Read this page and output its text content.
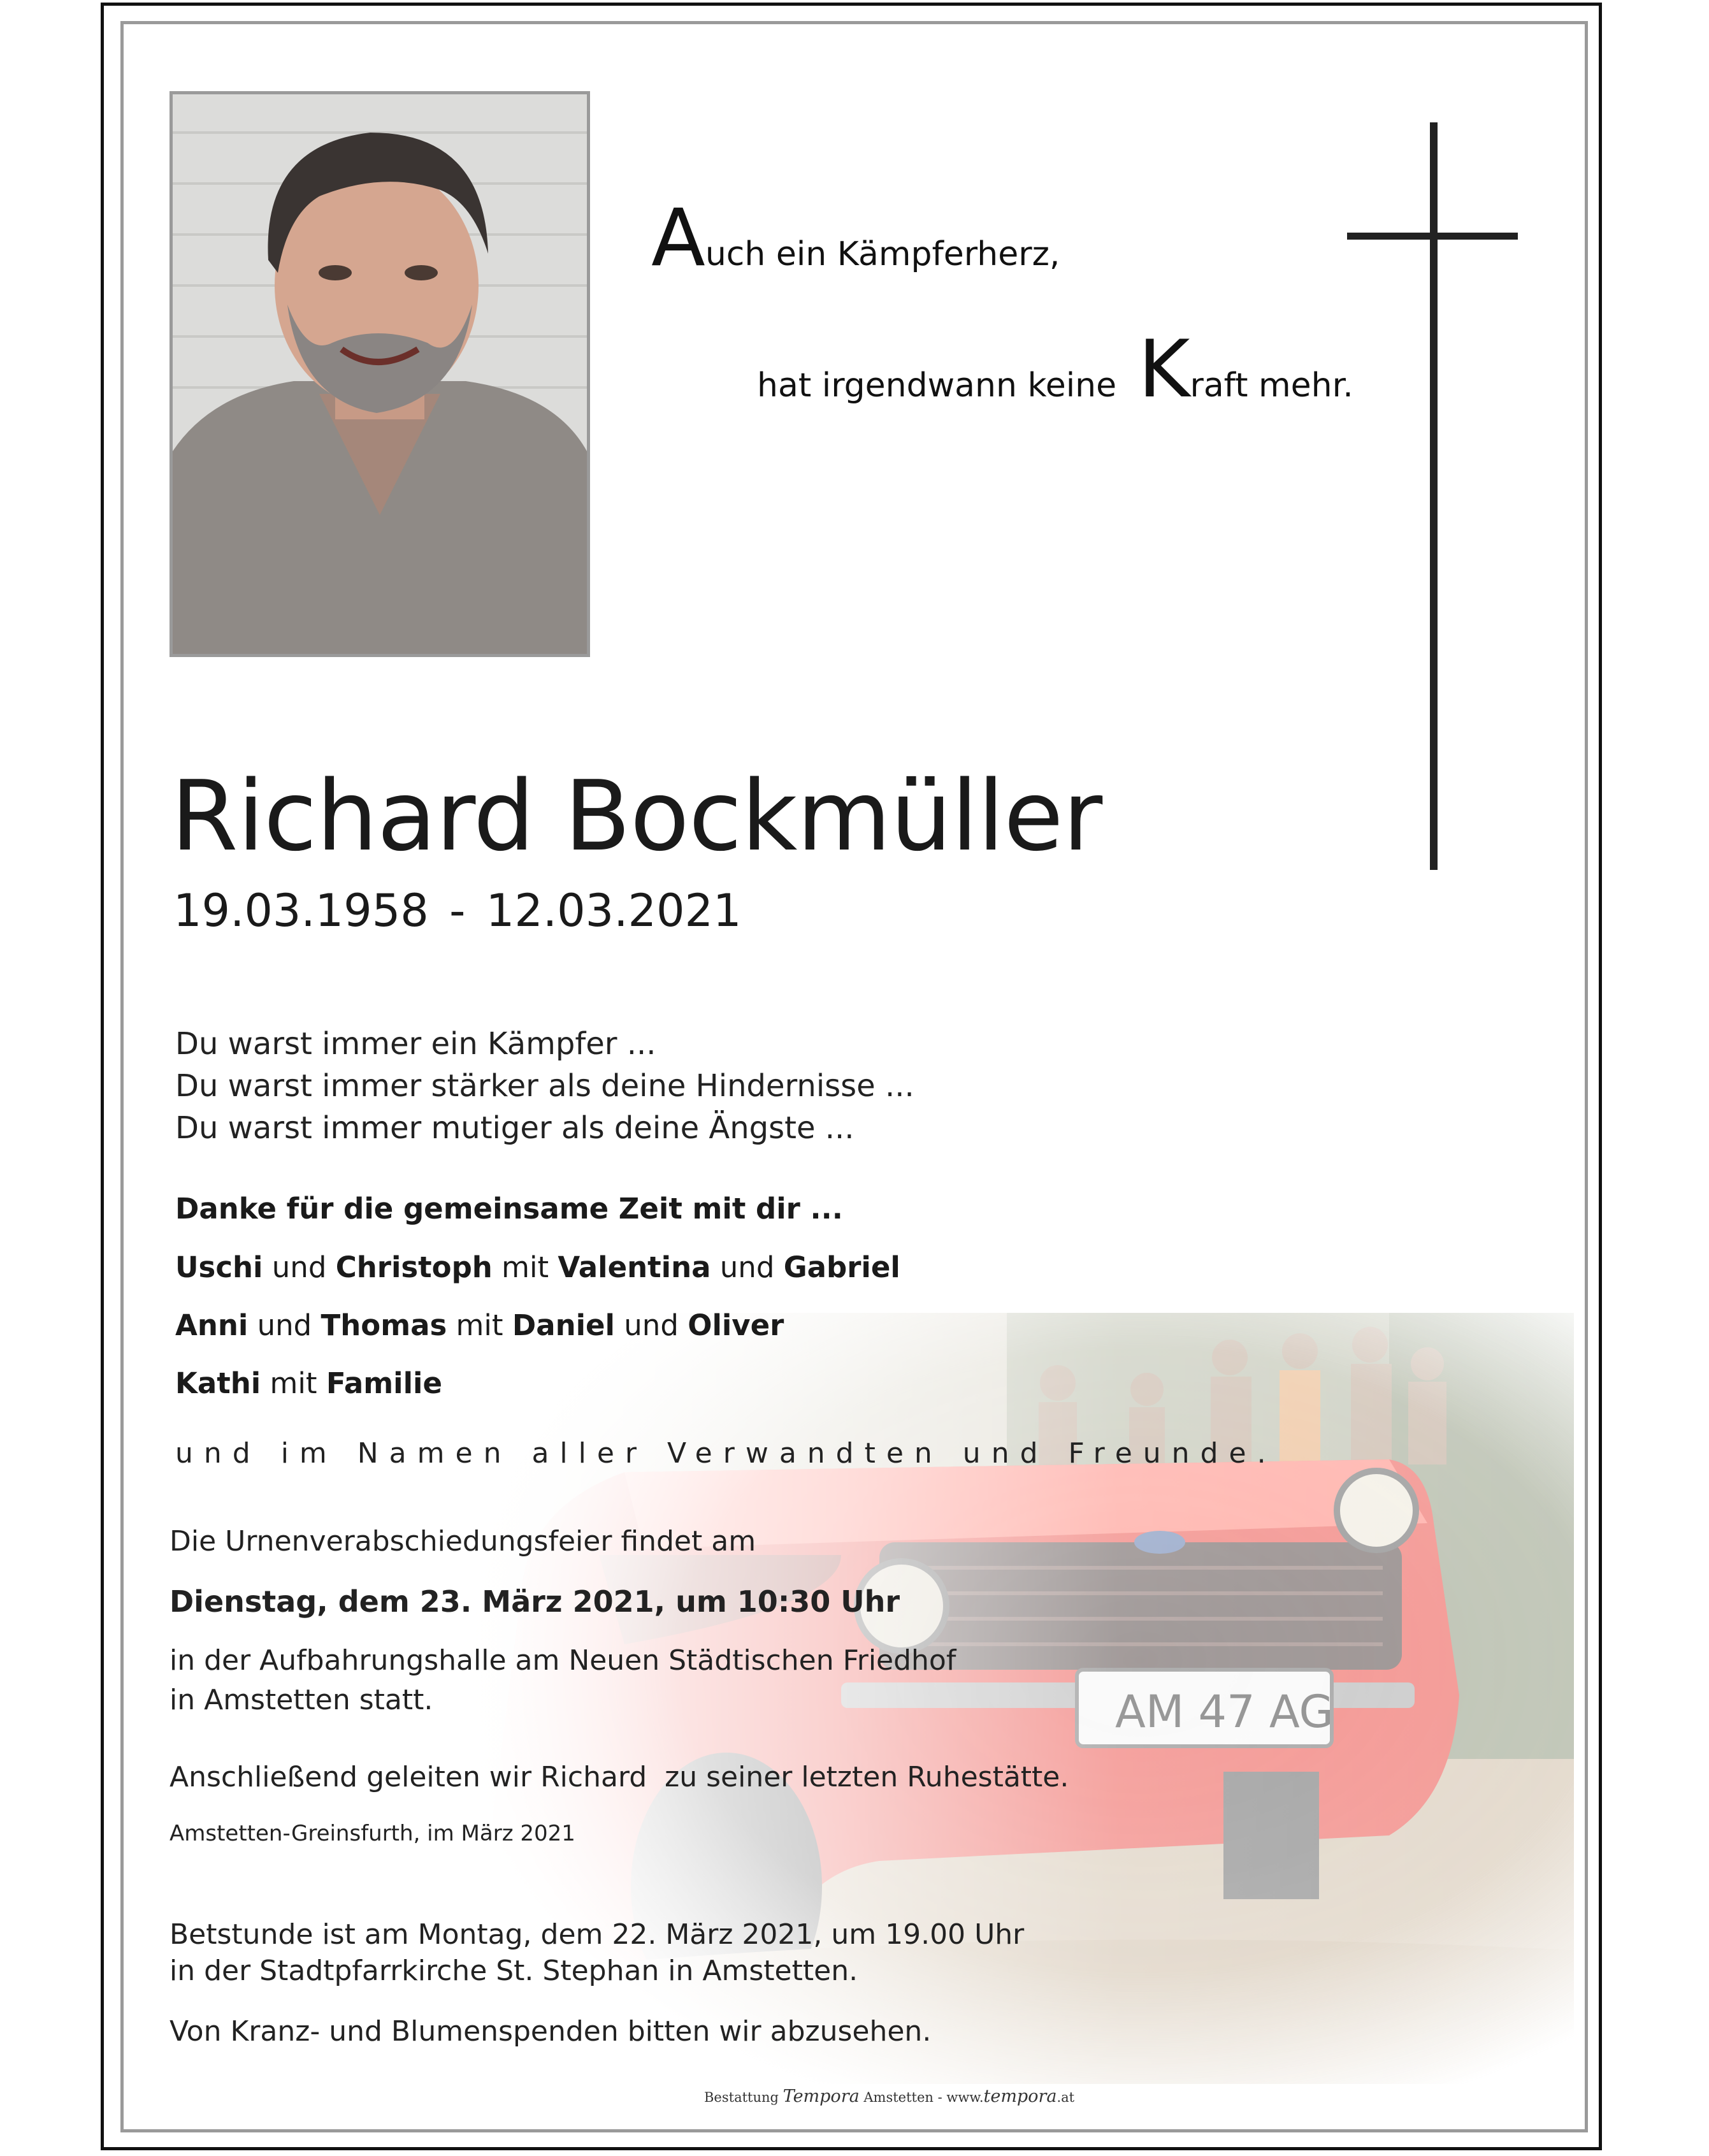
Auch ein Kämpferherz,
hat irgendwann keine Kraft mehr.
Richard Bockmüller
19.03.1958 - 12.03.2021
Du warst immer ein Kämpfer ...
Du warst immer stärker als deine Hindernisse ...
Du warst immer mutiger als deine Ängste ...
Danke für die gemeinsame Zeit mit dir ...
Uschi und Christoph mit Valentina und Gabriel
Anni und Thomas mit Daniel und Oliver
Kathi mit Familie
und im Namen aller Verwandten und Freunde.
Die Urnenverabschiedungsfeier findet am
Dienstag, dem 23. März 2021, um 10:30 Uhr
in der Aufbahrungshalle am Neuen Städtischen Friedhof
in Amstetten statt.
Anschließend geleiten wir Richard  zu seiner letzten Ruhestätte.
Amstetten-Greinsfurth, im März 2021
Betstunde ist am Montag, dem 22. März 2021, um 19.00 Uhr
in der Stadtpfarrkirche St. Stephan in Amstetten.
Von Kranz- und Blumenspenden bitten wir abzusehen.
Bestattung Tempora Amstetten - www.tempora.at
